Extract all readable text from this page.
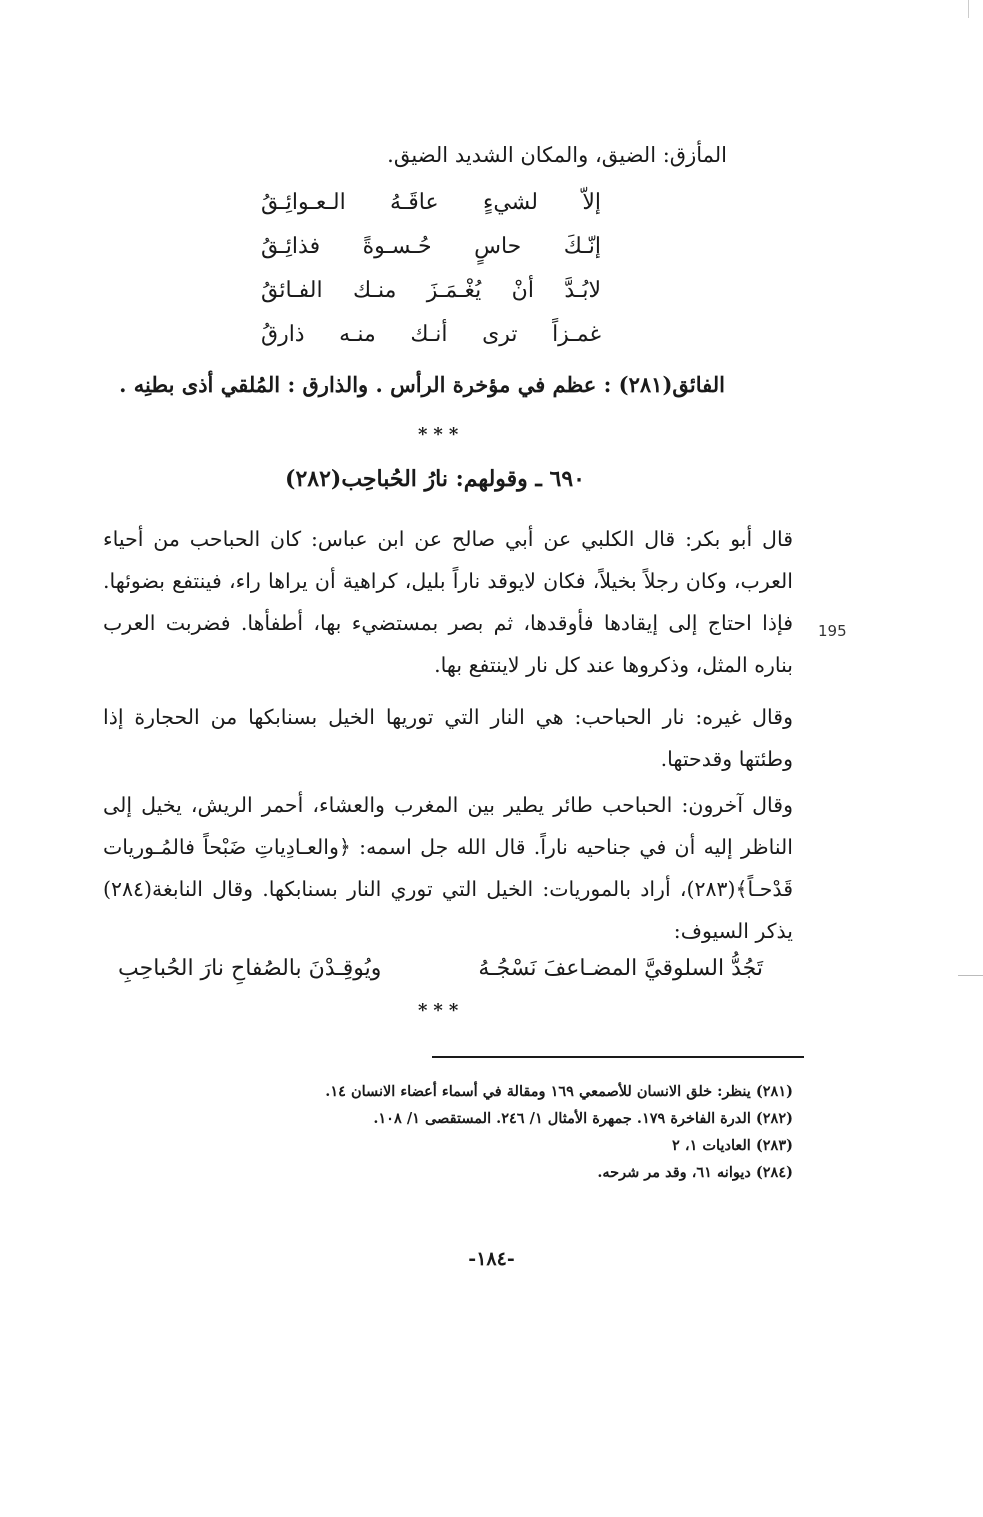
المأزق: الضيق، والمكان الشديد الضيق.
إلاّ لشيءٍ عاقَـهُ الـعـوائِـقُ
إنّـكَ حاسٍ حُـسـوةً فذائِـقُ
لابُـدَّ أنْ يُغْـمَـزَ منـك الفـائقُ
غمـزاً ترى أنـك منـه ذارقُ
الفائق(٢٨١) : عظم في مؤخرة الرأس . والذارق : المُلقي أذى بطنِه .
***
٦٩٠ ـ وقولهم: نارُ الحُباحِب(٢٨٢)
195
قال أبو بكر: قال الكلبي عن أبي صالح عن ابن عباس: كان الحباحب من أحياء العرب، وكان رجلاً بخيلاً، فكان لايوقد ناراً بليل، كراهية أن يراها راء، فينتفع بضوئها. فإذا احتاج إلى إيقادها فأوقدها، ثم بصر بمستضيء بها، أطفأها. فضربت العرب بناره المثل، وذكروها عند كل نار لاينتفع بها.
وقال غيره: نار الحباحب: هي النار التي توريها الخيل بسنابكها من الحجارة إذا وطئتها وقدحتها.
وقال آخرون: الحباحب طائر يطير بين المغرب والعشاء، أحمر الريش، يخيل إلى الناظر إليه أن في جناحيه ناراً. قال الله جل اسمه: ﴿والعـادِياتِ ضَبْحاً فالمُـوريات قَدْحـاً﴾(٢٨٣)، أراد بالموريات: الخيل التي توري النار بسنابكها. وقال النابغة(٢٨٤) يذكر السيوف:
تَجُدُّ السلوقيَّ المضـاعفَ نَسْجُـهُ
ويُوقِـدْنَ بالصُفاحِ نارَ الحُباحِبِ
***
(٢٨١) ينظر: خلق الانسان للأصمعي ١٦٩ ومقالة في أسماء أعضاء الانسان ١٤.
(٢٨٢) الدرة الفاخرة ١٧٩. جمهرة الأمثال ١/ ٢٤٦. المستقصى ١/ ١٠٨.
(٢٨٣) العاديات ١، ٢
(٢٨٤) ديوانه ٦١، وقد مر شرحه.
-١٨٤-
